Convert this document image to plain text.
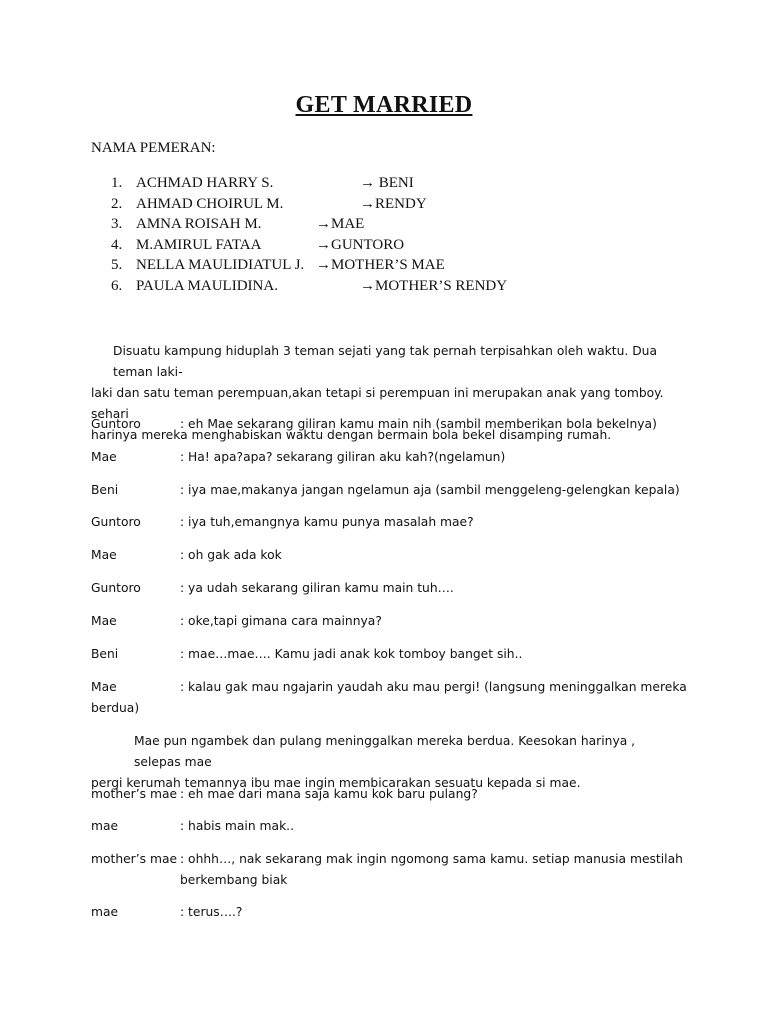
GET MARRIED
NAMA PEMERAN:
1. ACHMAD HARRY S.	→ BENI
2. AHMAD CHOIRUL M.	→RENDY
3. AMNA ROISAH M.	→MAE
4. M.AMIRUL FATAA	→GUNTORO
5. NELLA MAULIDIATUL J. →MOTHER’S MAE
6. PAULA MAULIDINA.	→MOTHER’S RENDY
Disuatu kampung hiduplah 3 teman sejati yang tak pernah terpisahkan oleh waktu. Dua teman laki-
laki dan satu teman perempuan,akan tetapi si perempuan ini merupakan anak yang tomboy. sehari
harinya mereka menghabiskan waktu dengan bermain bola bekel disamping rumah.
Guntoro	: eh Mae sekarang giliran kamu main nih (sambil memberikan bola bekelnya)
Mae	: Ha! apa?apa? sekarang giliran aku kah?(ngelamun)
Beni	: iya mae,makanya jangan ngelamun aja (sambil menggeleng-gelengkan kepala)
Guntoro	: iya tuh,emangnya kamu punya masalah mae?
Mae	: oh gak ada kok
Guntoro	: ya udah sekarang giliran kamu main tuh….
Mae	: oke,tapi gimana cara mainnya?
Beni	: mae…mae…. Kamu jadi anak kok tomboy banget sih..
Mae	: kalau gak mau ngajarin yaudah aku mau pergi! (langsung meninggalkan mereka
berdua)
Mae pun ngambek dan pulang meninggalkan mereka berdua. Keesokan harinya , selepas mae
pergi kerumah temannya ibu mae ingin membicarakan sesuatu kepada si mae.
mother’s mae : eh mae dari mana saja kamu kok baru pulang?
mae	: habis main mak..
mother’s mae : ohhh…, nak sekarang mak ingin ngomong sama kamu. setiap manusia mestilah
berkembang biak
mae	: terus….?
